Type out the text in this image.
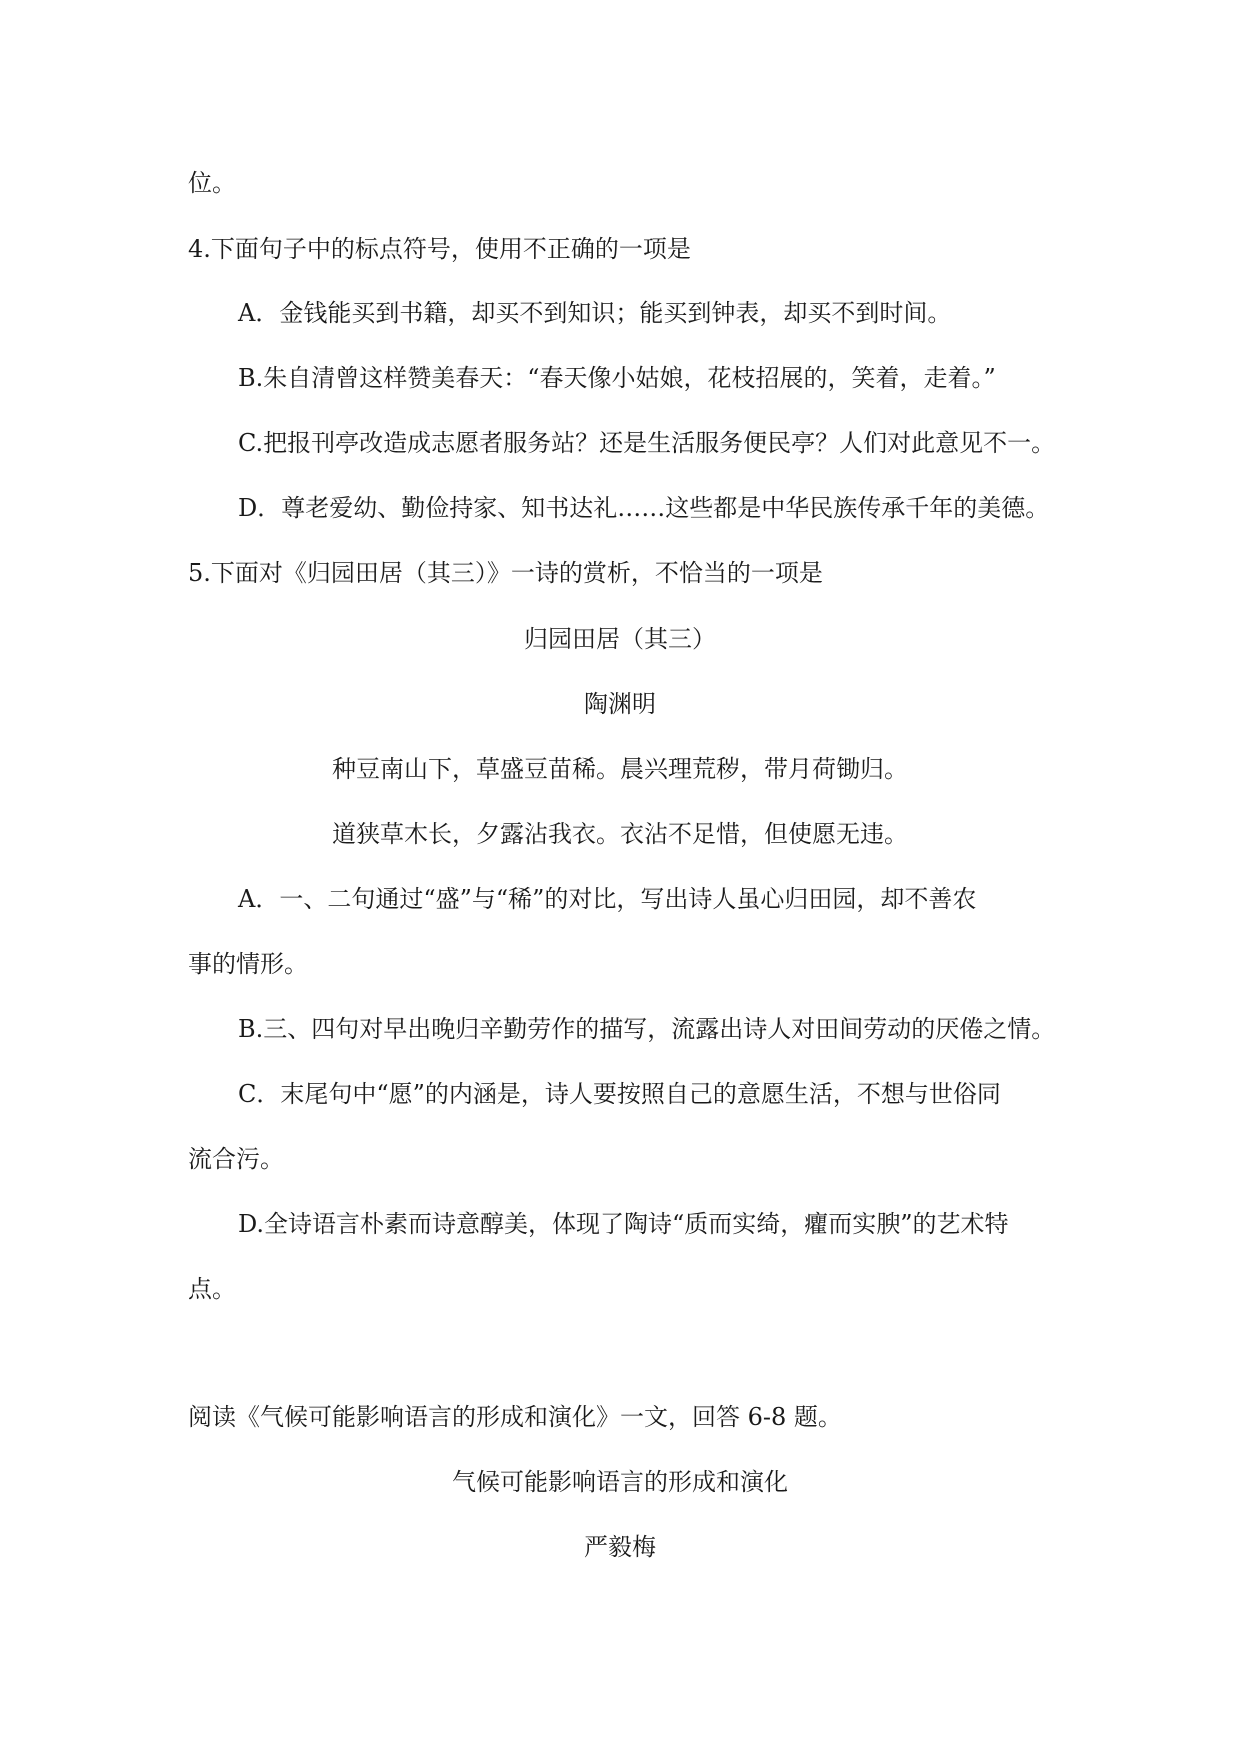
位。
4.下面句子中的标点符号，使用不正确的一项是
A．金钱能买到书籍，却买不到知识；能买到钟表，却买不到时间。
B.朱自清曾这样赞美春天：“春天像小姑娘，花枝招展的，笑着，走着。”
C.把报刊亭改造成志愿者服务站？还是生活服务便民亭？人们对此意见不一。
D．尊老爱幼、勤俭持家、知书达礼……这些都是中华民族传承千年的美德。
5.下面对《归园田居（其三）》一诗的赏析，不恰当的一项是
归园田居（其三）
陶渊明
种豆南山下，草盛豆苗稀。晨兴理荒秽，带月荷锄归。
道狭草木长，夕露沾我衣。衣沾不足惜，但使愿无违。
A．一、二句通过“盛”与“稀”的对比，写出诗人虽心归田园，却不善农
事的情形。
B.三、四句对早出晚归辛勤劳作的描写，流露出诗人对田间劳动的厌倦之情。
C．末尾句中“愿”的内涵是，诗人要按照自己的意愿生活，不想与世俗同
流合污。
D.全诗语言朴素而诗意醇美，体现了陶诗“质而实绮，癯而实腴”的艺术特
点。
阅读《气候可能影响语言的形成和演化》一文，回答 6-8 题。
气候可能影响语言的形成和演化
严毅梅
